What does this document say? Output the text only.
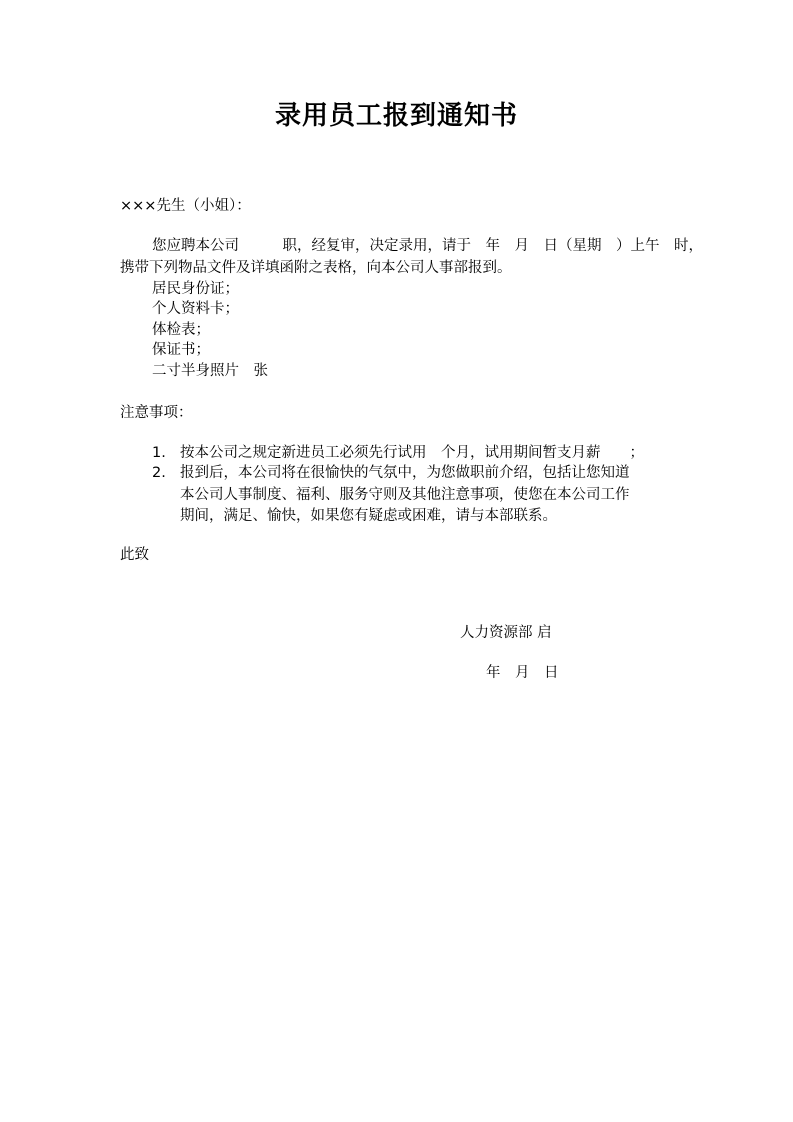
录用员工报到通知书
×××先生（小姐）：
您应聘本公司　　　职，经复审，决定录用，请于　年　月　日（星期　）上午　时，
携带下列物品文件及详填函附之表格，向本公司人事部报到。
居民身份证；
个人资料卡；
体检表；
保证书；
二寸半身照片　张
注意事项：
1. 按本公司之规定新进员工必须先行试用　个月，试用期间暂支月薪　　；
2. 报到后，本公司将在很愉快的气氛中，为您做职前介绍，包括让您知道
本公司人事制度、福利、服务守则及其他注意事项，使您在本公司工作
期间，满足、愉快，如果您有疑虑或困难，请与本部联系。
此致
人力资源部 启
年　月　日
